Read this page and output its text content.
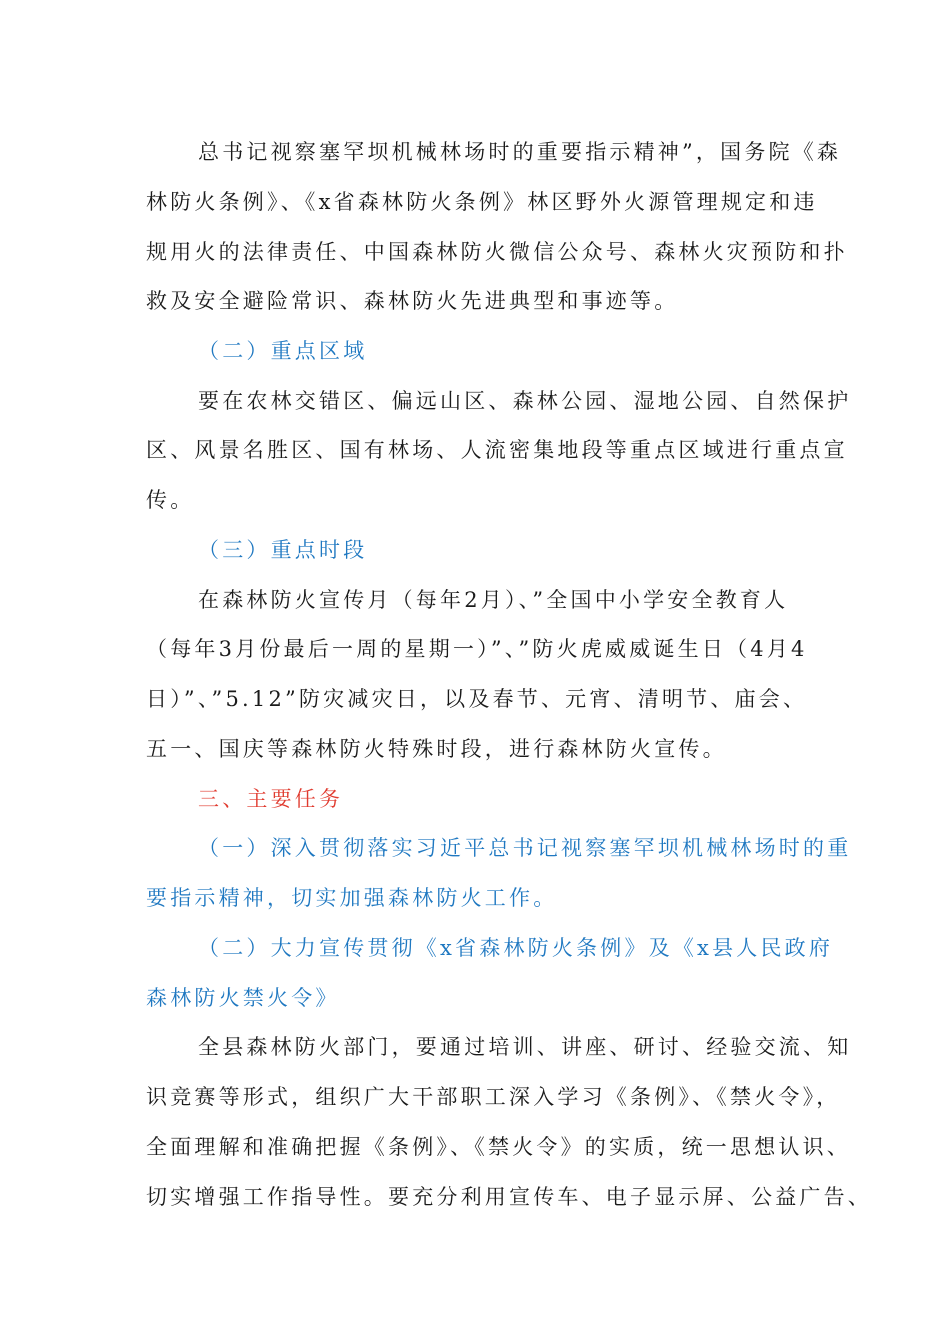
总书记视察塞罕坝机械林场时的重要指示精神”，国务院《森
林防火条例》、《x省森林防火条例》林区野外火源管理规定和违
规用火的法律责任、中国森林防火微信公众号、森林火灾预防和扑
救及安全避险常识、森林防火先进典型和事迹等。
（二）重点区域
要在农林交错区、偏远山区、森林公园、湿地公园、自然保护
区、风景名胜区、国有林场、人流密集地段等重点区域进行重点宣
传。
（三）重点时段
在森林防火宣传月（每年2月）、”全国中小学安全教育人
（每年3月份最后一周的星期一）”、”防火虎威威诞生日（4月4
日）”、”5.12”防灾减灾日，以及春节、元宵、清明节、庙会、
五一、国庆等森林防火特殊时段，进行森林防火宣传。
三、主要任务
（一）深入贯彻落实习近平总书记视察塞罕坝机械林场时的重
要指示精神，切实加强森林防火工作。
（二）大力宣传贯彻《x省森林防火条例》及《x县人民政府
森林防火禁火令》
全县森林防火部门，要通过培训、讲座、研讨、经验交流、知
识竞赛等形式，组织广大干部职工深入学习《条例》、《禁火令》，
全面理解和准确把握《条例》、《禁火令》的实质，统一思想认识、
切实增强工作指导性。要充分利用宣传车、电子显示屏、公益广告、
